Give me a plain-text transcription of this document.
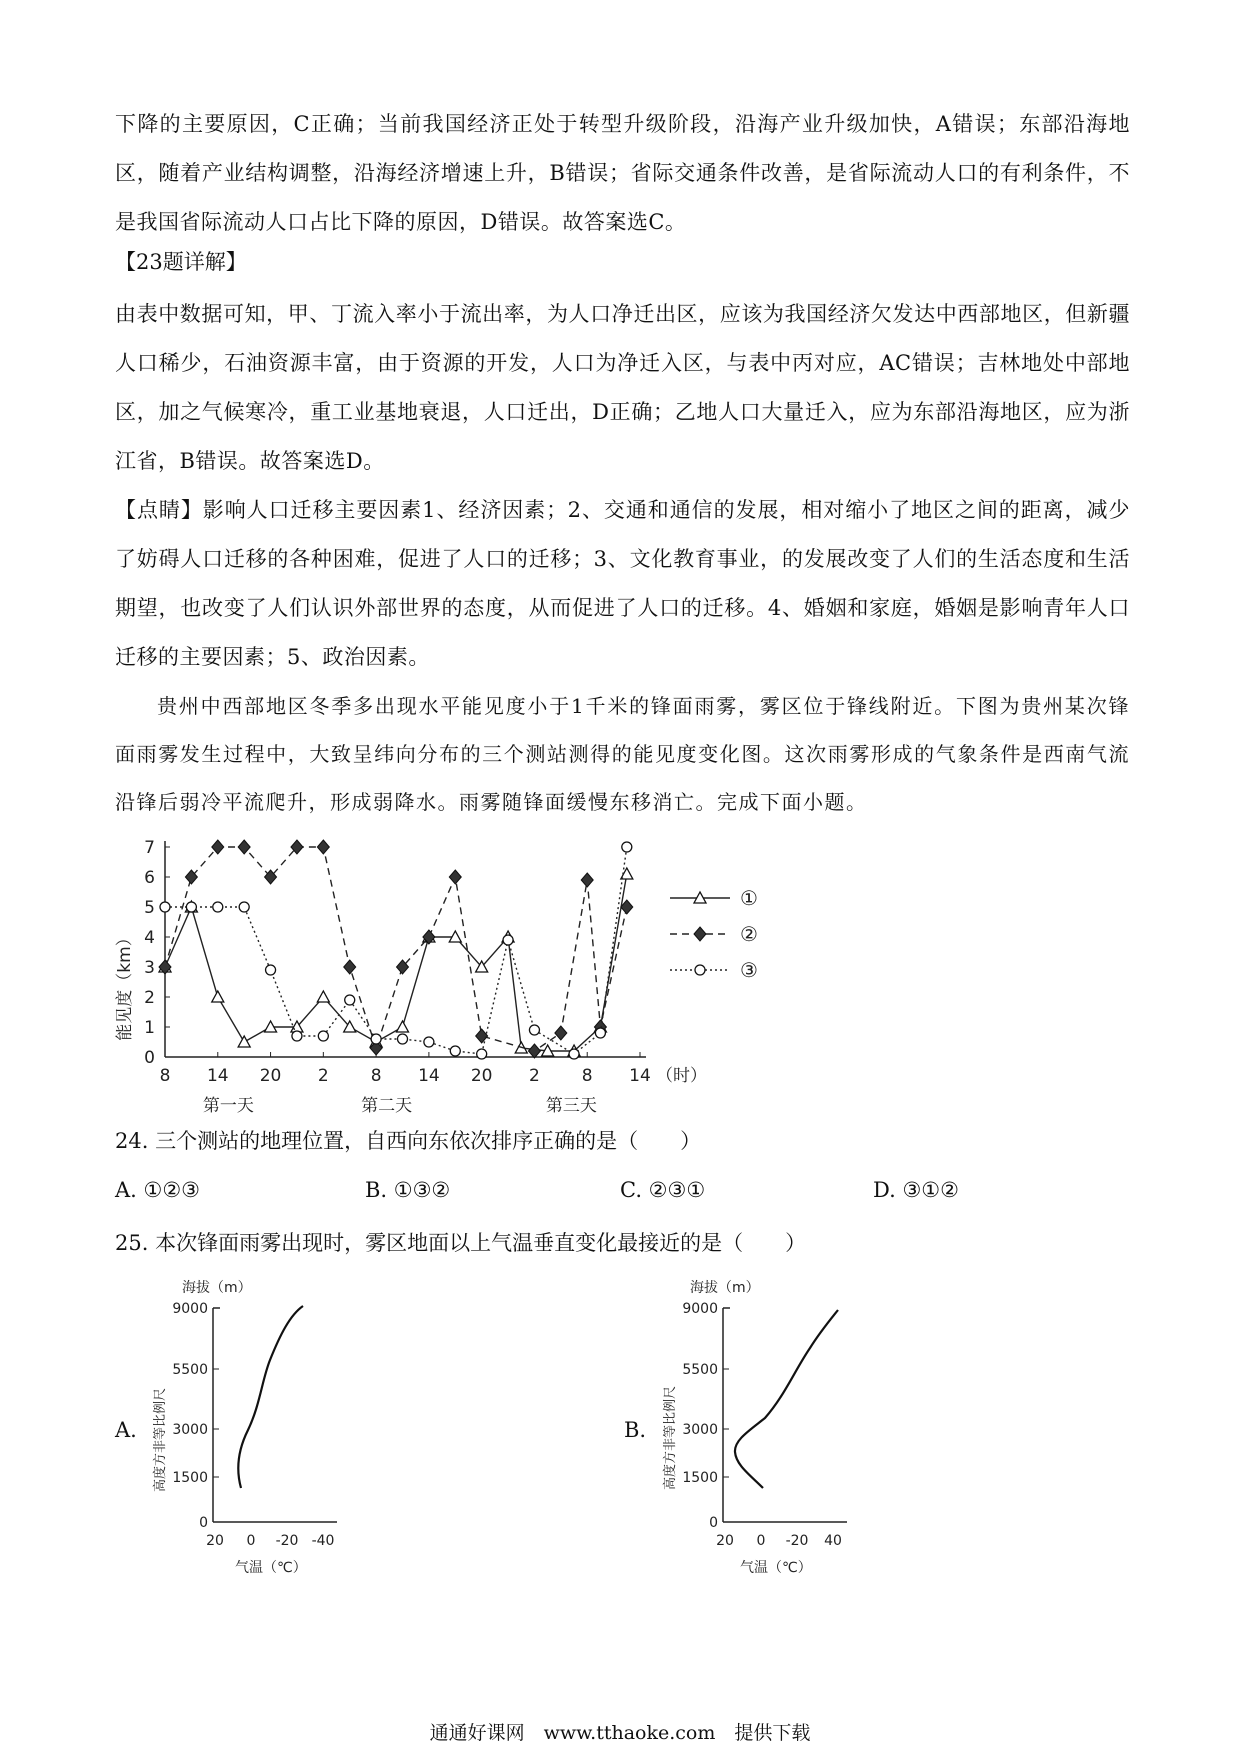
下降的主要原因，C正确；当前我国经济正处于转型升级阶段，沿海产业升级加快，A错误；东部沿海地区，随着产业结构调整，沿海经济增速上升，B错误；省际交通条件改善，是省际流动人口的有利条件，不是我国省际流动人口占比下降的原因，D错误。故答案选C。
【23题详解】
由表中数据可知，甲、丁流入率小于流出率，为人口净迁出区，应该为我国经济欠发达中西部地区，但新疆人口稀少，石油资源丰富，由于资源的开发，人口为净迁入区，与表中丙对应，AC错误；吉林地处中部地区，加之气候寒冷，重工业基地衰退，人口迁出，D正确；乙地人口大量迁入，应为东部沿海地区，应为浙江省，B错误。故答案选D。
【点睛】影响人口迁移主要因素1、经济因素；2、交通和通信的发展，相对缩小了地区之间的距离，减少了妨碍人口迁移的各种困难，促进了人口的迁移；3、文化教育事业，的发展改变了人们的生活态度和生活期望，也改变了人们认识外部世界的态度，从而促进了人口的迁移。4、婚姻和家庭，婚姻是影响青年人口迁移的主要因素；5、政治因素。
贵州中西部地区冬季多出现水平能见度小于1千米的锋面雨雾，雾区位于锋线附近。下图为贵州某次锋面雨雾发生过程中，大致呈纬向分布的三个测站测得的能见度变化图。这次雨雾形成的气象条件是西南气流沿锋后弱冷平流爬升，形成弱降水。雨雾随锋面缓慢东移消亡。完成下面小题。
0
1
2
3
4
5
6
7
8 14 20 2 8 14 20 2 8 14 （时）
第一天	第二天	第三天
能见度（km）
①
②
③
24. 三个测站的地理位置，自西向东依次排序正确的是（　　）
A. ①②③	B. ①③②	C. ②③①	D. ③①②
25. 本次锋面雨雾出现时，雾区地面以上气温垂直变化最接近的是（　　）
A.
海拔（m）
高度方非等比例尺
9000
5500
3000
1500
0
20 0 -20 -40
气温（℃）
B.
海拔（m）
高度方非等比例尺
9000
5500
3000
1500
0
20 0 -20 40
气温（℃）
通通好课网　www.tthaoke.com　提供下载
